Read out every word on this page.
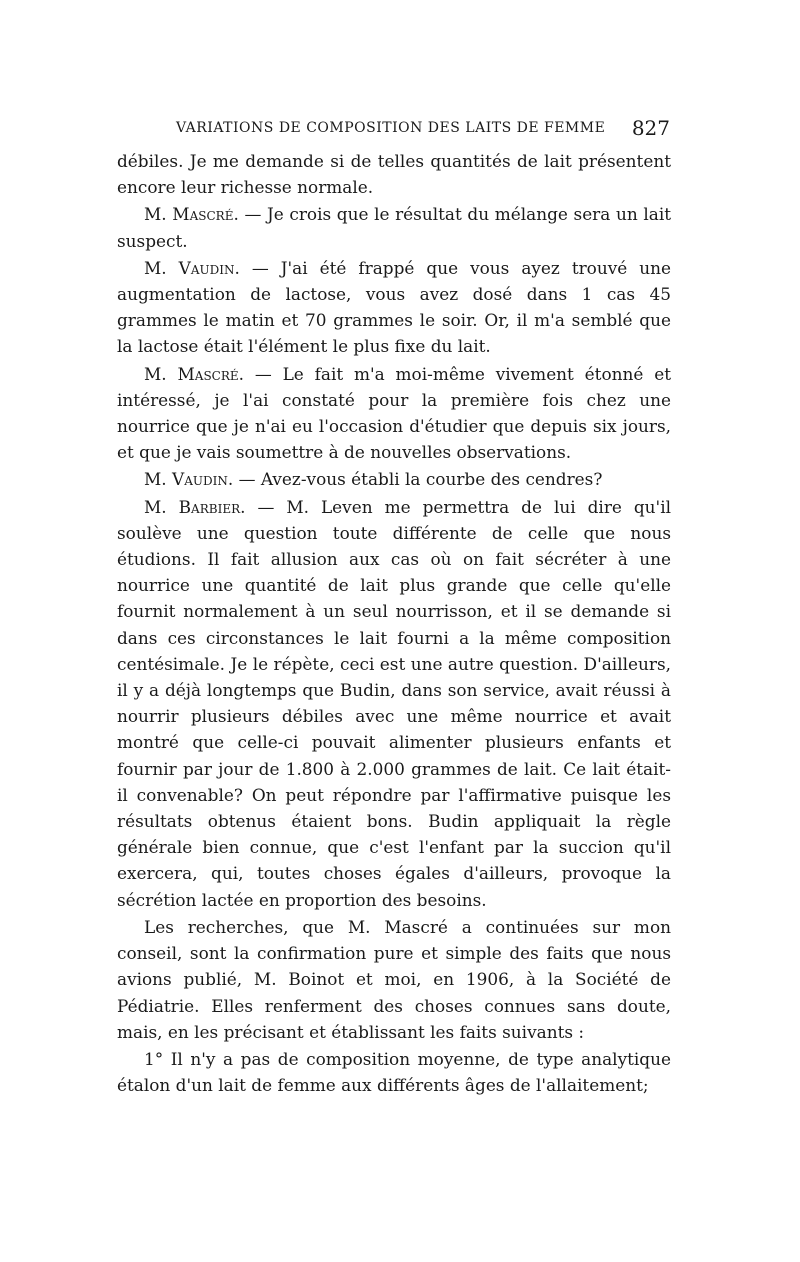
VARIATIONS DE COMPOSITION DES LAITS DE FEMME 827

débiles. Je me demande si de telles quantités de lait présentent encore leur richesse normale.

M. Mascré. — Je crois que le résultat du mélange sera un lait suspect.

M. Vaudin. — J'ai été frappé que vous ayez trouvé une augmentation de lactose, vous avez dosé dans 1 cas 45 grammes le matin et 70 grammes le soir. Or, il m'a semblé que la lactose était l'élément le plus fixe du lait.

M. Mascré. — Le fait m'a moi-même vivement étonné et intéressé, je l'ai constaté pour la première fois chez une nourrice que je n'ai eu l'occasion d'étudier que depuis six jours, et que je vais soumettre à de nouvelles observations.

M. Vaudin. — Avez-vous établi la courbe des cendres?

M. Barbier. — M. Leven me permettra de lui dire qu'il soulève une question toute différente de celle que nous étudions. Il fait allusion aux cas où on fait sécréter à une nourrice une quantité de lait plus grande que celle qu'elle fournit normalement à un seul nourrisson, et il se demande si dans ces circonstances le lait fourni a la même composition centésimale. Je le répète, ceci est une autre question. D'ailleurs, il y a déjà longtemps que Budin, dans son service, avait réussi à nourrir plusieurs débiles avec une même nourrice et avait montré que celle-ci pouvait alimenter plusieurs enfants et fournir par jour de 1.800 à 2.000 grammes de lait. Ce lait était-il convenable? On peut répondre par l'affirmative puisque les résultats obtenus étaient bons. Budin appliquait la règle générale bien connue, que c'est l'enfant par la succion qu'il exercera, qui, toutes choses égales d'ailleurs, provoque la sécrétion lactée en proportion des besoins.

Les recherches, que M. Mascré a continuées sur mon conseil, sont la confirmation pure et simple des faits que nous avions publié, M. Boinot et moi, en 1906, à la Société de Pédiatrie. Elles renferment des choses connues sans doute, mais, en les précisant et établissant les faits suivants :

1° Il n'y a pas de composition moyenne, de type analytique étalon d'un lait de femme aux différents âges de l'allaitement;
